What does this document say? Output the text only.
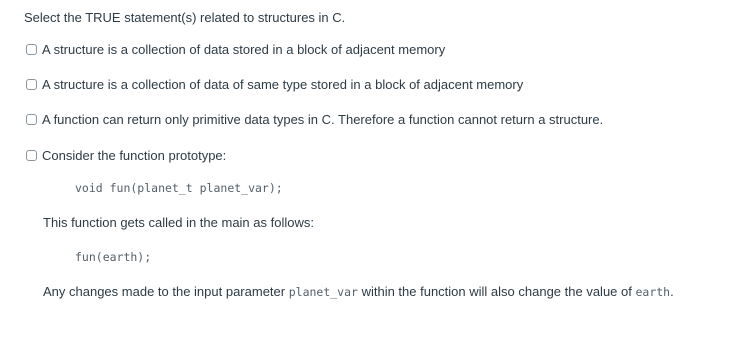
Select the TRUE statement(s) related to structures in C.
A structure is a collection of data stored in a block of adjacent memory
A structure is a collection of data of same type stored in a block of adjacent memory
A function can return only primitive data types in C. Therefore a function cannot return a structure.
Consider the function prototype:
void fun(planet_t planet_var);
This function gets called in the main as follows:
fun(earth);
Any changes made to the input parameter planet_var within the function will also change the value of earth.
